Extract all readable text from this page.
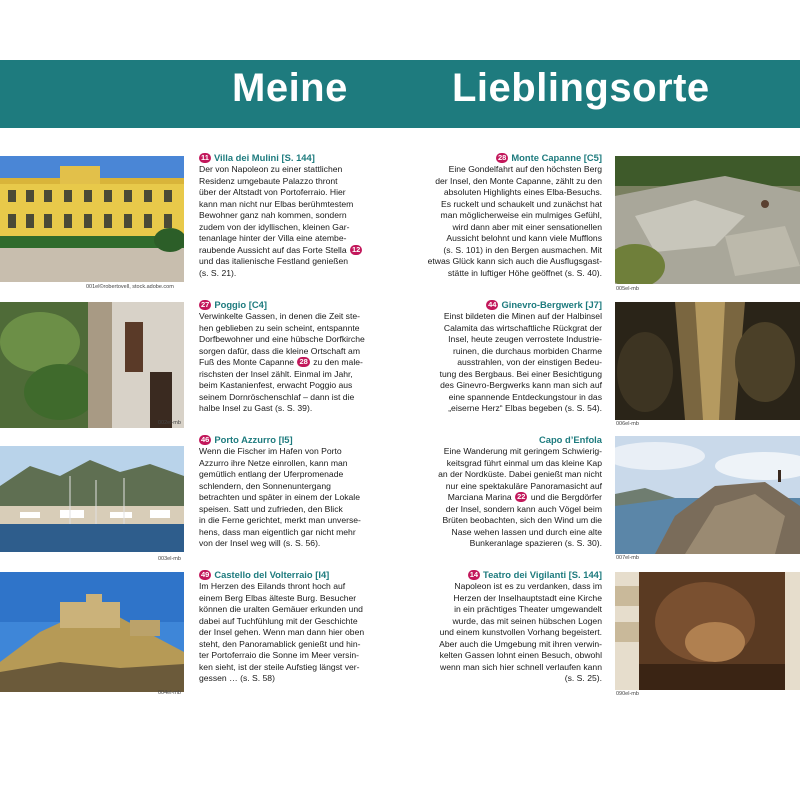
Meine	Lieblingsorte
001el©robertovell, stock.adobe.com
002el-mb
003el-mb
004el-mb
005el-mb
006el-mb
007el-mb
090el-mb
11 Villa dei Mulini [S. 144]

Der von Napoleon zu einer stattlichen

Residenz umgebaute Palazzo thront

über der Altstadt von Portoferraio. Hier

kann man nicht nur Elbas berühmtestem

Bewohner ganz nah kommen, sondern

zudem von der idyllischen, kleinen Gar-

tenanlage hinter der Villa eine atembe-

raubende Aussicht auf das Forte Stella 12

und das italienische Festland genießen

(s. S. 21).

27 Poggio [C4]

Verwinkelte Gassen, in denen die Zeit ste-

hen geblieben zu sein scheint, entspannte

Dorfbewohner und eine hübsche Dorfkirche

sorgen dafür, dass die kleine Ortschaft am

Fuß des Monte Capanne 28 zu den male-

rischsten der Insel zählt. Einmal im Jahr,

beim Kastanienfest, erwacht Poggio aus

seinem Dornröschenschlaf – dann ist die

halbe Insel zu Gast (s. S. 39).

46 Porto Azzurro [I5]

Wenn die Fischer im Hafen von Porto

Azzurro ihre Netze einrollen, kann man

gemütlich entlang der Uferpromenade

schlendern, den Sonnenuntergang

betrachten und später in einem der Lokale

speisen. Satt und zufrieden, den Blick

in die Ferne gerichtet, merkt man unverse-

hens, dass man eigentlich gar nicht mehr

von der Insel weg will (s. S. 56).

49 Castello del Volterraio [I4]

Im Herzen des Eilands thront hoch auf

einem Berg Elbas älteste Burg. Besucher

können die uralten Gemäuer erkunden und

dabei auf Tuchfühlung mit der Geschichte

der Insel gehen. Wenn man dann hier oben

steht, den Panoramablick genießt und hin-

ter Portoferraio die Sonne im Meer versin-

ken sieht, ist der steile Aufstieg längst ver-

gessen … (s. S. 58)

28 Monte Capanne [C5]

Eine Gondelfahrt auf den höchsten Berg

der Insel, den Monte Capanne, zählt zu den

absoluten Highlights eines Elba-Besuchs.

Es ruckelt und schaukelt und zunächst hat

man möglicherweise ein mulmiges Gefühl,

wird dann aber mit einer sensationellen

Aussicht belohnt und kann viele Mufflons

(s. S. 101) in den Bergen ausmachen. Mit

etwas Glück kann sich auch die Ausflugsgast-

stätte in luftiger Höhe geöffnet (s. S. 40).

44 Ginevro-Bergwerk [J7]

Einst bildeten die Minen auf der Halbinsel

Calamita das wirtschaftliche Rückgrat der

Insel, heute zeugen verrostete Industrie-

ruinen, die durchaus morbiden Charme

ausstrahlen, von der einstigen Bedeu-

tung des Bergbaus. Bei einer Besichtigung

des Ginevro-Bergwerks kann man sich auf

eine spannende Entdeckungstour in das

„eiserne Herz“ Elbas begeben (s. S. 54).

Capo d’Enfola

Eine Wanderung mit geringem Schwierig-

keitsgrad führt einmal um das kleine Kap

an der Nordküste. Dabei genießt man nicht

nur eine spektakuläre Panoramasicht auf

Marciana Marina 22 und die Bergdörfer

der Insel, sondern kann auch Vögel beim

Brüten beobachten, sich den Wind um die

Nase wehen lassen und durch eine alte

Bunkeranlage spazieren (s. S. 30).

14 Teatro dei Vigilanti [S. 144]

Napoleon ist es zu verdanken, dass im

Herzen der Inselhauptstadt eine Kirche

in ein prächtiges Theater umgewandelt

wurde, das mit seinen hübschen Logen

und einem kunstvollen Vorhang begeistert.

Aber auch die Umgebung mit ihren verwin-

kelten Gassen lohnt einen Besuch, obwohl

wenn man sich hier schnell verlaufen kann

(s. S. 25).
